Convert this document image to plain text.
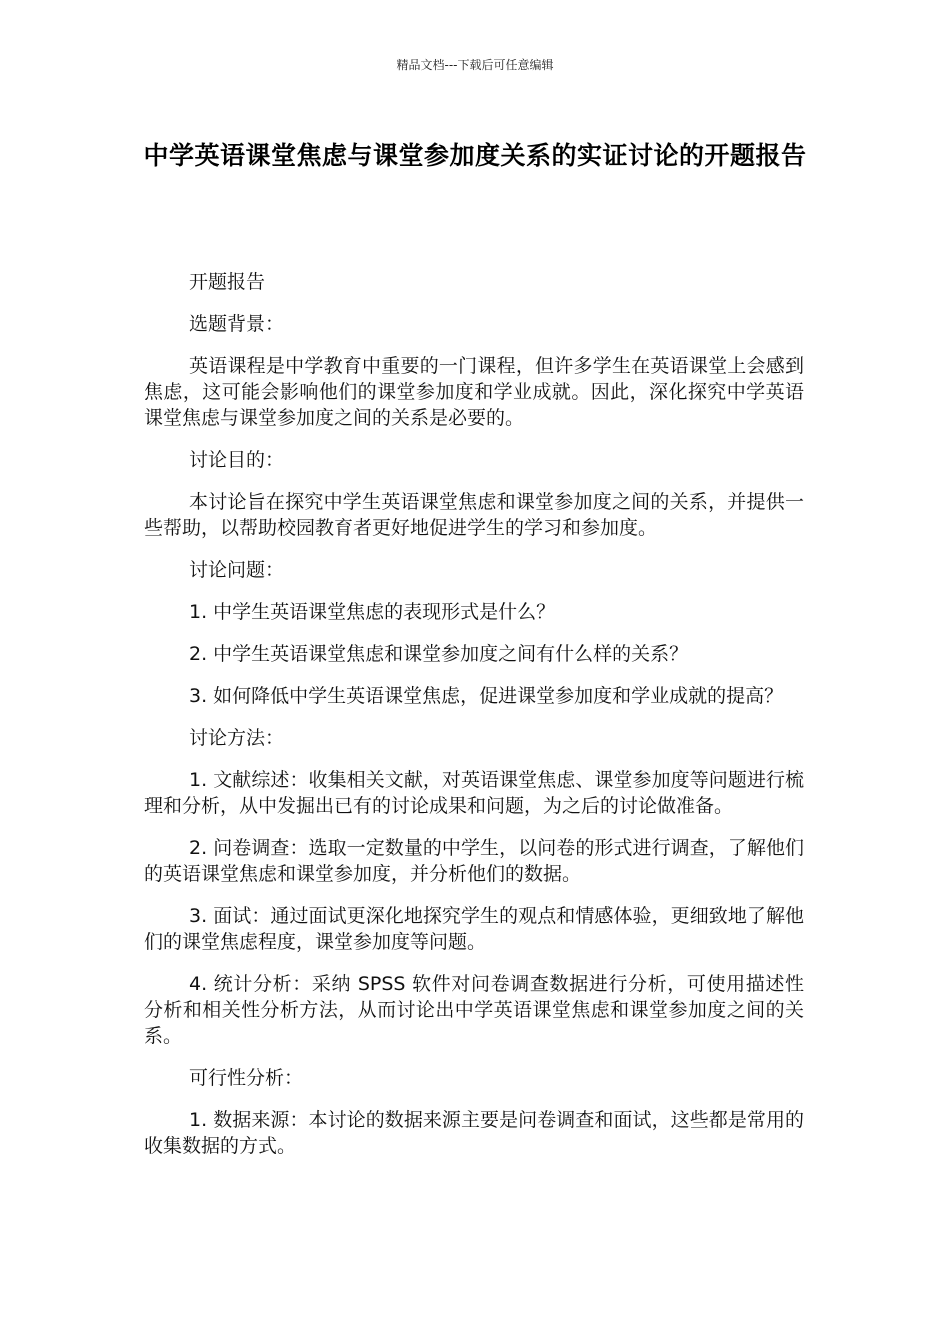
精品文档---下载后可任意编辑
中学英语课堂焦虑与课堂参加度关系的实证讨论的开题报告

开题报告

选题背景：

英语课程是中学教育中重要的一门课程，但许多学生在英语课堂上会感到焦虑，这可能会影响他们的课堂参加度和学业成就。因此，深化探究中学英语课堂焦虑与课堂参加度之间的关系是必要的。

讨论目的：

本讨论旨在探究中学生英语课堂焦虑和课堂参加度之间的关系，并提供一些帮助，以帮助校园教育者更好地促进学生的学习和参加度。

讨论问题：

1. 中学生英语课堂焦虑的表现形式是什么？

2. 中学生英语课堂焦虑和课堂参加度之间有什么样的关系？

3. 如何降低中学生英语课堂焦虑，促进课堂参加度和学业成就的提高？

讨论方法：

1. 文献综述：收集相关文献，对英语课堂焦虑、课堂参加度等问题进行梳理和分析，从中发掘出已有的讨论成果和问题，为之后的讨论做准备。

2. 问卷调查：选取一定数量的中学生，以问卷的形式进行调查，了解他们的英语课堂焦虑和课堂参加度，并分析他们的数据。

3. 面试：通过面试更深化地探究学生的观点和情感体验，更细致地了解他们的课堂焦虑程度，课堂参加度等问题。

4. 统计分析：采纳 SPSS 软件对问卷调查数据进行分析，可使用描述性分析和相关性分析方法，从而讨论出中学英语课堂焦虑和课堂参加度之间的关系。

可行性分析：

1. 数据来源：本讨论的数据来源主要是问卷调查和面试，这些都是常用的收集数据的方式。
